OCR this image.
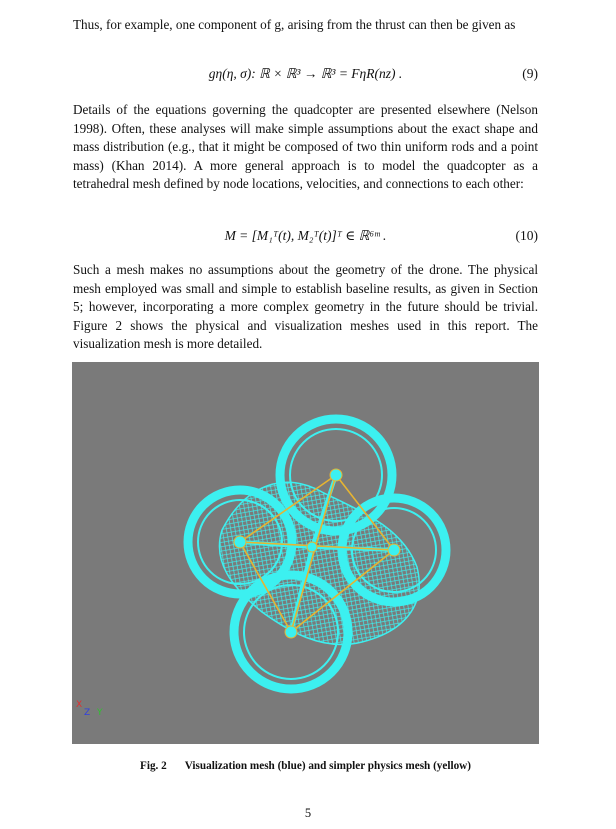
Thus, for example, one component of g, arising from the thrust can then be given as

gη(η, σ): ℝ × ℝ³ → ℝ³ = FηR(nz) .	(9)

Details of the equations governing the quadcopter are presented elsewhere (Nelson 1998). Often, these analyses will make simple assumptions about the exact shape and mass distribution (e.g., that it might be composed of two thin uniform rods and a point mass) (Khan 2014). A more general approach is to model the quadcopter as a tetrahedral mesh defined by node locations, velocities, and connections to each other:

M = [M₁ᵀ(t), M₂ᵀ(t)]ᵀ ∈ ℝ⁶ᵐ .	(10)

Such a mesh makes no assumptions about the geometry of the drone. The physical mesh employed was small and simple to establish baseline results, as given in Section 5; however, incorporating a more complex geometry in the future should be trivial. Figure 2 shows the physical and visualization meshes used in this report. The visualization mesh is more detailed.

X
Z Y
Fig. 2 Visualization mesh (blue) and simpler physics mesh (yellow)
5
